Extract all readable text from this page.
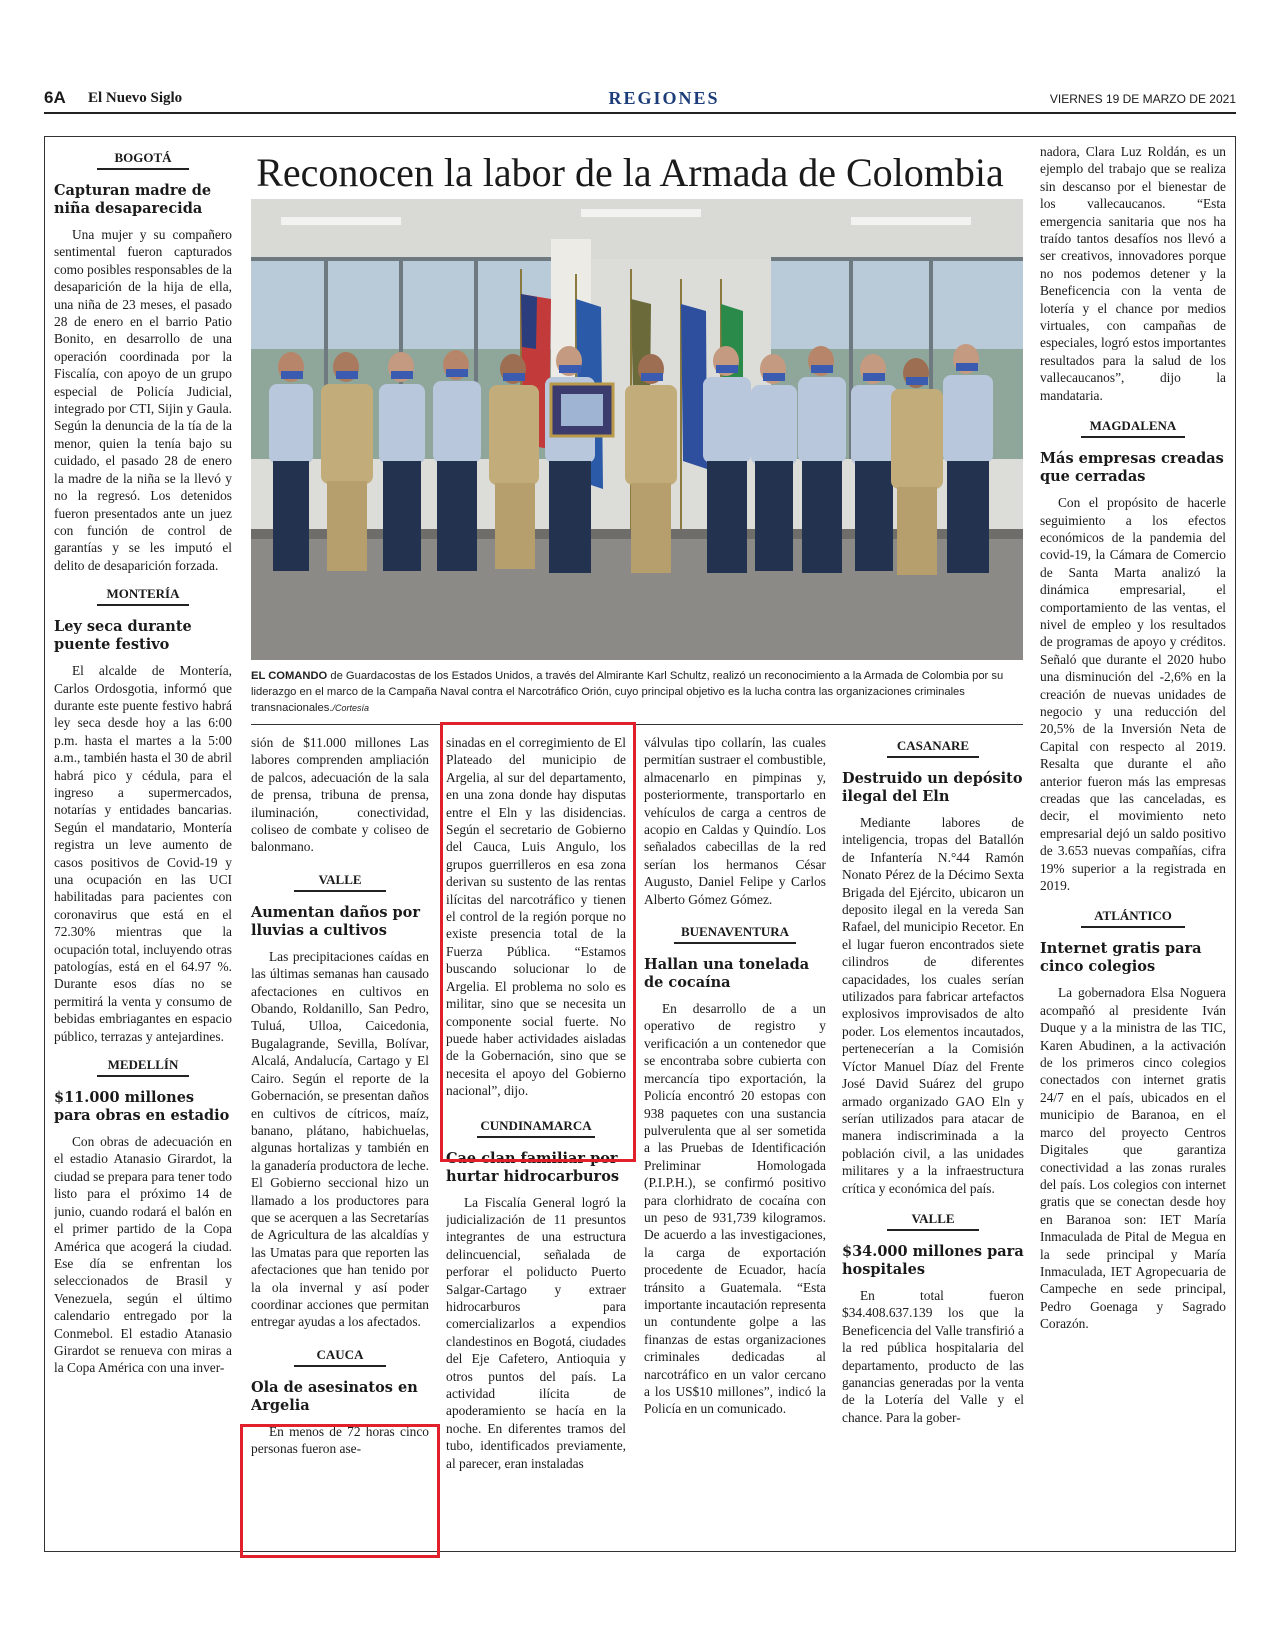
6A El Nuevo Siglo	REGIONES	VIERNES 19 DE MARZO DE 2021
BOGOTÁ
Capturan madre de niña desaparecida

Una mujer y su compañero sentimental fueron capturados como posibles responsables de la desaparición de la hija de ella, una niña de 23 meses, el pasado 28 de enero en el barrio Patio Bonito, en desarrollo de una operación coordinada por la Fiscalía, con apoyo de un grupo especial de Policía Judicial, integrado por CTI, Sijin y Gaula. Según la denuncia de la tía de la menor, quien la tenía bajo su cuidado, el pasado 28 de enero la madre de la niña se la llevó y no la regresó. Los detenidos fueron presentados ante un juez con función de control de garantías y se les imputó el delito de desaparición forzada.

MONTERÍA
Ley seca durante puente festivo

El alcalde de Montería, Carlos Ordosgotia, informó que durante este puente festivo habrá ley seca desde hoy a las 6:00 p.m. hasta el martes a la 5:00 a.m., también hasta el 30 de abril habrá pico y cédula, para el ingreso a supermercados, notarías y entidades bancarias. Según el mandatario, Montería registra un leve aumento de casos positivos de Covid-19 y una ocupación en las UCI habilitadas para pacientes con coronavirus que está en el 72.30% mientras que la ocupación total, incluyendo otras patologías, está en el 64.97 %. Durante esos días no se permitirá la venta y consumo de bebidas embriagantes en espacio público, terrazas y antejardines.

MEDELLÍN
$11.000 millones para obras en estadio

Con obras de adecuación en el estadio Atanasio Girardot, la ciudad se prepara para tener todo listo para el próximo 14 de junio, cuando rodará el balón en el primer partido de la Copa América que acogerá la ciudad. Ese día se enfrentan los seleccionados de Brasil y Venezuela, según el último calendario entregado por la Conmebol. El estadio Atanasio Girardot se renueva con miras a la Copa América con una inver-

Reconocen la labor de la Armada de Colombia

EL COMANDO de Guardacostas de los Estados Unidos, a través del Almirante Karl Schultz, realizó un reconocimiento a la Armada de Colombia por su liderazgo en el marco de la Campaña Naval contra el Narcotráfico Orión, cuyo principal objetivo es la lucha contra las organizaciones criminales transnacionales./Cortesía

sión de $11.000 millones Las labores comprenden ampliación de palcos, adecuación de la sala de prensa, tribuna de prensa, iluminación, conectividad, coliseo de combate y coliseo de balonmano.

VALLE
Aumentan daños por lluvias a cultivos

Las precipitaciones caídas en las últimas semanas han causado afectaciones en cultivos en Obando, Roldanillo, San Pedro, Tuluá, Ulloa, Caicedonia, Bugalagrande, Sevilla, Bolívar, Alcalá, Andalucía, Cartago y El Cairo. Según el reporte de la Gobernación, se presentan daños en cultivos de cítricos, maíz, banano, plátano, habichuelas, algunas hortalizas y también en la ganadería productora de leche. El Gobierno seccional hizo un llamado a los productores para que se acerquen a las Secretarías de Agricultura de las alcaldías y las Umatas para que reporten las afectaciones que han tenido por la ola invernal y así poder coordinar acciones que permitan entregar ayudas a los afectados.

CAUCA
Ola de asesinatos en Argelia

En menos de 72 horas cinco personas fueron ase-

sinadas en el corregimiento de El Plateado del municipio de Argelia, al sur del departamento, en una zona donde hay disputas entre el Eln y las disidencias. Según el secretario de Gobierno del Cauca, Luis Angulo, los grupos guerrilleros en esa zona derivan su sustento de las rentas ilícitas del narcotráfico y tienen el control de la región porque no existe presencia total de la Fuerza Pública. “Estamos buscando solucionar lo de Argelia. El problema no solo es militar, sino que se necesita un componente social fuerte. No puede haber actividades aisladas de la Gobernación, sino que se necesita el apoyo del Gobierno nacional”, dijo.

CUNDINAMARCA
Cae clan familiar por hurtar hidrocarburos

La Fiscalía General logró la judicialización de 11 presuntos integrantes de una estructura delincuencial, señalada de perforar el poliducto Puerto Salgar-Cartago y extraer hidrocarburos para comercializarlos a expendios clandestinos en Bogotá, ciudades del Eje Cafetero, Antioquia y otros puntos del país. La actividad ilícita de apoderamiento se hacía en la noche. En diferentes tramos del tubo, identificados previamente, al parecer, eran instaladas

válvulas tipo collarín, las cuales permitían sustraer el combustible, almacenarlo en pimpinas y, posteriormente, transportarlo en vehículos de carga a centros de acopio en Caldas y Quindío. Los señalados cabecillas de la red serían los hermanos César Augusto, Daniel Felipe y Carlos Alberto Gómez Gómez.

BUENAVENTURA
Hallan una tonelada de cocaína

En desarrollo de a un operativo de registro y verificación a un contenedor que se encontraba sobre cubierta con mercancía tipo exportación, la Policía encontró 20 estopas con 938 paquetes con una sustancia pulverulenta que al ser sometida a las Pruebas de Identificación Preliminar Homologada (P.I.P.H.), se confirmó positivo para clorhidrato de cocaína con un peso de 931,739 kilogramos. De acuerdo a las investigaciones, la carga de exportación procedente de Ecuador, hacía tránsito a Guatemala. “Esta importante incautación representa un contundente golpe a las finanzas de estas organizaciones criminales dedicadas al narcotráfico en un valor cercano a los US$10 millones”, indicó la Policía en un comunicado.

CASANARE
Destruido un depósito ilegal del Eln

Mediante labores de inteligencia, tropas del Batallón de Infantería N.°44 Ramón Nonato Pérez de la Décimo Sexta Brigada del Ejército, ubicaron un deposito ilegal en la vereda San Rafael, del municipio Recetor. En el lugar fueron encontrados siete cilindros de diferentes capacidades, los cuales serían utilizados para fabricar artefactos explosivos improvisados de alto poder. Los elementos incautados, pertenecerían a la Comisión Víctor Manuel Díaz del Frente José David Suárez del grupo armado organizado GAO Eln y serían utilizados para atacar de manera indiscriminada a la población civil, a las unidades militares y a la infraestructura crítica y económica del país.

VALLE
$34.000 millones para hospitales

En total fueron $34.408.637.139 los que la Beneficencia del Valle transfirió a la red pública hospitalaria del departamento, producto de las ganancias generadas por la venta de la Lotería del Valle y el chance. Para la gober-

nadora, Clara Luz Roldán, es un ejemplo del trabajo que se realiza sin descanso por el bienestar de los vallecaucanos. “Esta emergencia sanitaria que nos ha traído tantos desafíos nos llevó a ser creativos, innovadores porque no nos podemos detener y la Beneficencia con la venta de lotería y el chance por medios virtuales, con campañas de especiales, logró estos importantes resultados para la salud de los vallecaucanos”, dijo la mandataria.

MAGDALENA
Más empresas creadas que cerradas

Con el propósito de hacerle seguimiento a los efectos económicos de la pandemia del covid-19, la Cámara de Comercio de Santa Marta analizó la dinámica empresarial, el comportamiento de las ventas, el nivel de empleo y los resultados de programas de apoyo y créditos. Señaló que durante el 2020 hubo una disminución del -2,6% en la creación de nuevas unidades de negocio y una reducción del 20,5% de la Inversión Neta de Capital con respecto al 2019. Resalta que durante el año anterior fueron más las empresas creadas que las canceladas, es decir, el movimiento neto empresarial dejó un saldo positivo de 3.653 nuevas compañías, cifra 19% superior a la registrada en 2019.

ATLÁNTICO
Internet gratis para cinco colegios

La gobernadora Elsa Noguera acompañó al presidente Iván Duque y a la ministra de las TIC, Karen Abudinen, a la activación de los primeros cinco colegios conectados con internet gratis 24/7 en el país, ubicados en el municipio de Baranoa, en el marco del proyecto Centros Digitales que garantiza conectividad a las zonas rurales del país. Los colegios con internet gratis que se conectan desde hoy en Baranoa son: IET María Inmaculada de Pital de Megua en la sede principal y María Inmaculada, IET Agropecuaria de Campeche en sede principal, Pedro Goenaga y Sagrado Corazón.
